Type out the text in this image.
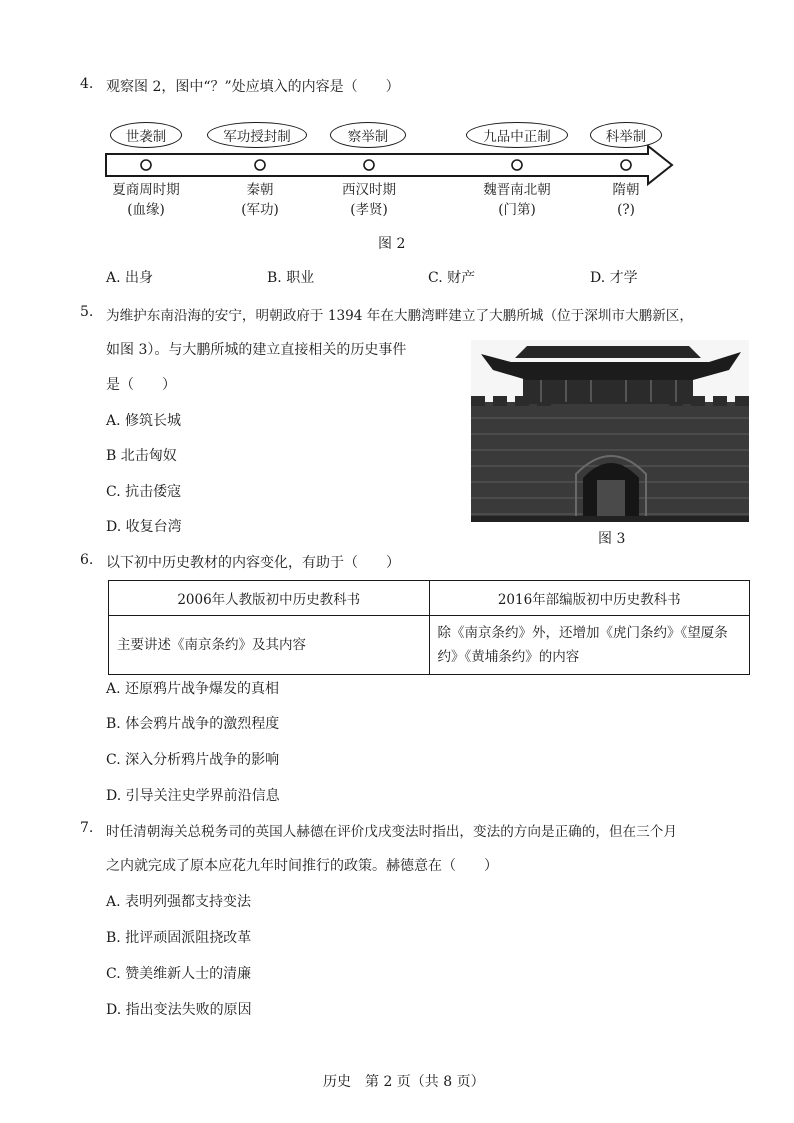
4. 观察图 2，图中“？”处应填入的内容是（　　）
世袭制	军功授封制	察举制	九品中正制	科举制
夏商周时期
(血缘)
秦朝
(军功)
西汉时期
(孝贤)
魏晋南北朝
(门第)
隋朝
(?)
图 2
A. 出身	B. 职业	C. 财产	D. 才学
5. 为维护东南沿海的安宁，明朝政府于 1394 年在大鹏湾畔建立了大鹏所城（位于深圳市大鹏新区，
如图 3）。与大鹏所城的建立直接相关的历史事件
是（　　）
A. 修筑长城
B 北击匈奴
C. 抗击倭寇
D. 收复台湾
图 3
6. 以下初中历史教材的内容变化，有助于（　　）
2006年人教版初中历史教科书	2016年部编版初中历史教科书
主要讲述《南京条约》及其内容	除《南京条约》外，还增加《虎门条约》《望厦条约》《黄埔条约》的内容
A. 还原鸦片战争爆发的真相
B. 体会鸦片战争的激烈程度
C. 深入分析鸦片战争的影响
D. 引导关注史学界前沿信息
7. 时任清朝海关总税务司的英国人赫德在评价戊戌变法时指出，变法的方向是正确的，但在三个月
之内就完成了原本应花九年时间推行的政策。赫德意在（　　）
A. 表明列强都支持变法
B. 批评顽固派阻挠改革
C. 赞美维新人士的清廉
D. 指出变法失败的原因
历史　第 2 页（共 8 页）
